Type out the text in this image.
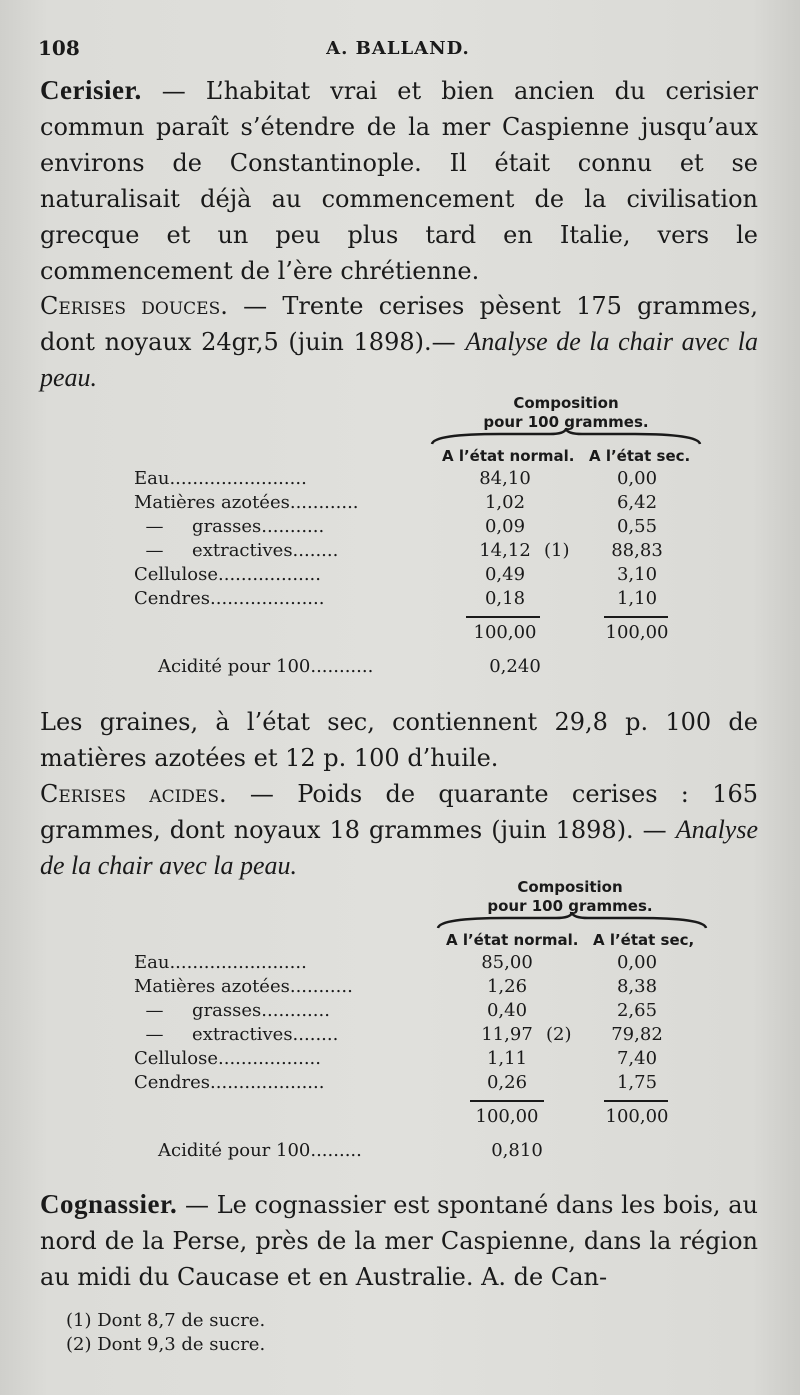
108	A. BALLAND.

Cerisier. — L’habitat vrai et bien ancien du cerisier commun paraît s’étendre de la mer Caspienne jusqu’aux environs de Constantinople. Il était connu et se naturalisait déjà au commencement de la civilisation grecque et un peu plus tard en Italie, vers le commencement de l’ère chrétienne.

Cerises douces. — Trente cerises pèsent 175 grammes, dont noyaux 24gr,5 (juin 1898).— Analyse de la chair avec la peau.

Composition
pour 100 grammes.
A l’état normal. A l’état sec.
Eau........................	84,10	0,00
Matières azotées............	1,02	6,42
—     grasses...........	0,09	0,55
—     extractives........	14,12 (1)	88,83
Cellulose..................	0,49	3,10
Cendres....................	0,18	1,10
100,00	100,00
Acidité pour 100...........	0,240

Les graines, à l’état sec, contiennent 29,8 p. 100 de matières azotées et 12 p. 100 d’huile.

Cerises acides. — Poids de quarante cerises : 165 grammes, dont noyaux 18 grammes (juin 1898). — Analyse de la chair avec la peau.

Composition
pour 100 grammes.
A l’état normal. A l’état sec,
Eau........................	85,00	0,00
Matières azotées...........	1,26	8,38
—     grasses............	0,40	2,65
—     extractives........	11,97 (2)	79,82
Cellulose..................	1,11	7,40
Cendres....................	0,26	1,75
100,00	100,00
Acidité pour 100.........	0,810

Cognassier. — Le cognassier est spontané dans les bois, au nord de la Perse, près de la mer Caspienne, dans la région au midi du Caucase et en Australie. A. de Can-

(1) Dont 8,7 de sucre.
(2) Dont 9,3 de sucre.
